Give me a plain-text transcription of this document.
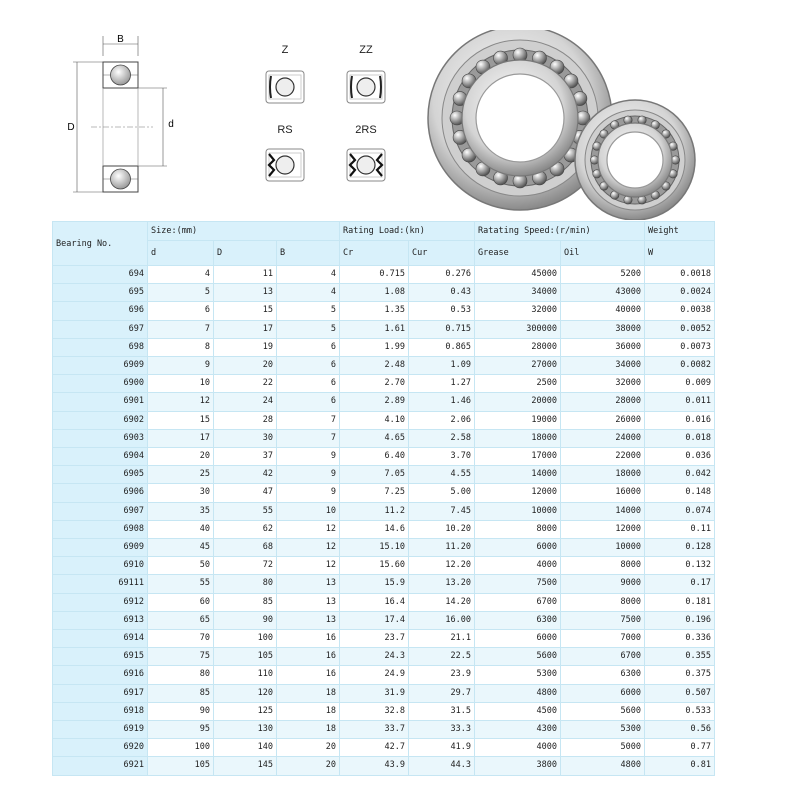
B
D	d
Z	ZZ
RS	2RS
Bearing No.	Size:(mm)			Rating Load:(kn)		Ratating Speed:(r/min)		Weight
	d	D	B	Cr	Cur	Grease	Oil	W
694	4	11	4	0.715	0.276	45000	5200	0.0018
695	5	13	4	1.08	0.43	34000	43000	0.0024
696	6	15	5	1.35	0.53	32000	40000	0.0038
697	7	17	5	1.61	0.715	300000	38000	0.0052
698	8	19	6	1.99	0.865	28000	36000	0.0073
6909	9	20	6	2.48	1.09	27000	34000	0.0082
6900	10	22	6	2.70	1.27	2500	32000	0.009
6901	12	24	6	2.89	1.46	20000	28000	0.011
6902	15	28	7	4.10	2.06	19000	26000	0.016
6903	17	30	7	4.65	2.58	18000	24000	0.018
6904	20	37	9	6.40	3.70	17000	22000	0.036
6905	25	42	9	7.05	4.55	14000	18000	0.042
6906	30	47	9	7.25	5.00	12000	16000	0.148
6907	35	55	10	11.2	7.45	10000	14000	0.074
6908	40	62	12	14.6	10.20	8000	12000	0.11
6909	45	68	12	15.10	11.20	6000	10000	0.128
6910	50	72	12	15.60	12.20	4000	8000	0.132
69111	55	80	13	15.9	13.20	7500	9000	0.17
6912	60	85	13	16.4	14.20	6700	8000	0.181
6913	65	90	13	17.4	16.00	6300	7500	0.196
6914	70	100	16	23.7	21.1	6000	7000	0.336
6915	75	105	16	24.3	22.5	5600	6700	0.355
6916	80	110	16	24.9	23.9	5300	6300	0.375
6917	85	120	18	31.9	29.7	4800	6000	0.507
6918	90	125	18	32.8	31.5	4500	5600	0.533
6919	95	130	18	33.7	33.3	4300	5300	0.56
6920	100	140	20	42.7	41.9	4000	5000	0.77
6921	105	145	20	43.9	44.3	3800	4800	0.81
